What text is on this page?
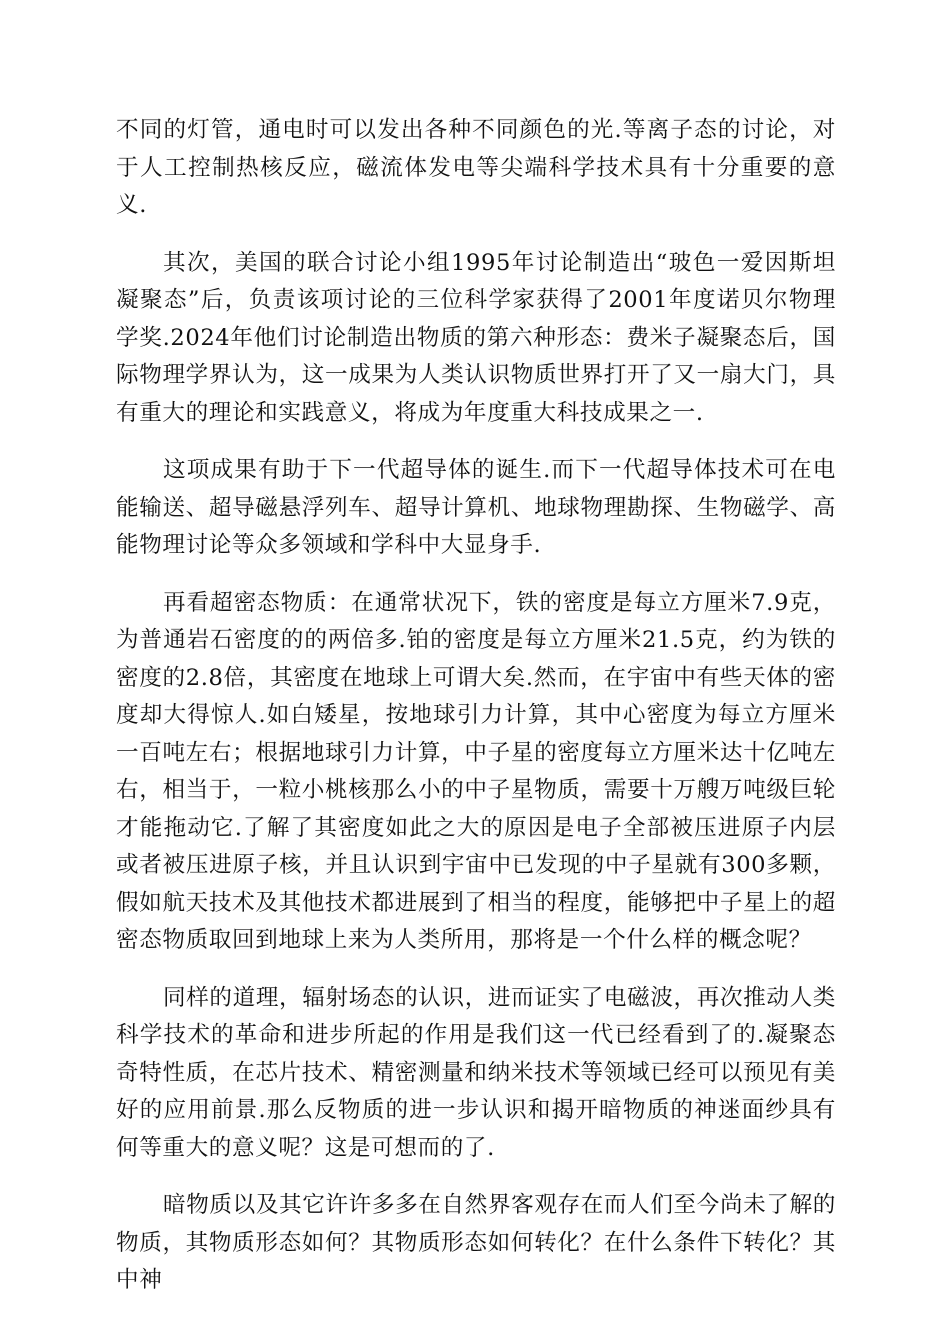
不同的灯管，通电时可以发出各种不同颜色的光.等离子态的讨论，对于人工控制热核反应，磁流体发电等尖端科学技术具有十分重要的意义.

其次，美国的联合讨论小组1995年讨论制造出“玻色一爱因斯坦凝聚态”后，负责该项讨论的三位科学家获得了2001年度诺贝尔物理学奖.2024年他们讨论制造出物质的第六种形态：费米子凝聚态后，国际物理学界认为，这一成果为人类认识物质世界打开了又一扇大门，具有重大的理论和实践意义，将成为年度重大科技成果之一.

这项成果有助于下一代超导体的诞生.而下一代超导体技术可在电能输送、超导磁悬浮列车、超导计算机、地球物理勘探、生物磁学、高能物理讨论等众多领域和学科中大显身手.

再看超密态物质：在通常状况下，铁的密度是每立方厘米7.9克，为普通岩石密度的的两倍多.铂的密度是每立方厘米21.5克，约为铁的密度的2.8倍，其密度在地球上可谓大矣.然而，在宇宙中有些天体的密度却大得惊人.如白矮星，按地球引力计算，其中心密度为每立方厘米一百吨左右；根据地球引力计算，中子星的密度每立方厘米达十亿吨左右，相当于，一粒小桃核那么小的中子星物质，需要十万艘万吨级巨轮才能拖动它.了解了其密度如此之大的原因是电子全部被压进原子内层或者被压进原子核，并且认识到宇宙中已发现的中子星就有300多颗，假如航天技术及其他技术都进展到了相当的程度，能够把中子星上的超密态物质取回到地球上来为人类所用，那将是一个什么样的概念呢？

同样的道理，辐射场态的认识，进而证实了电磁波，再次推动人类科学技术的革命和进步所起的作用是我们这一代已经看到了的.凝聚态奇特性质，在芯片技术、精密测量和纳米技术等领域已经可以预见有美好的应用前景.那么反物质的进一步认识和揭开暗物质的神迷面纱具有何等重大的意义呢？这是可想而的了.

暗物质以及其它许许多多在自然界客观存在而人们至今尚未了解的物质，其物质形态如何？其物质形态如何转化？在什么条件下转化？其中神
